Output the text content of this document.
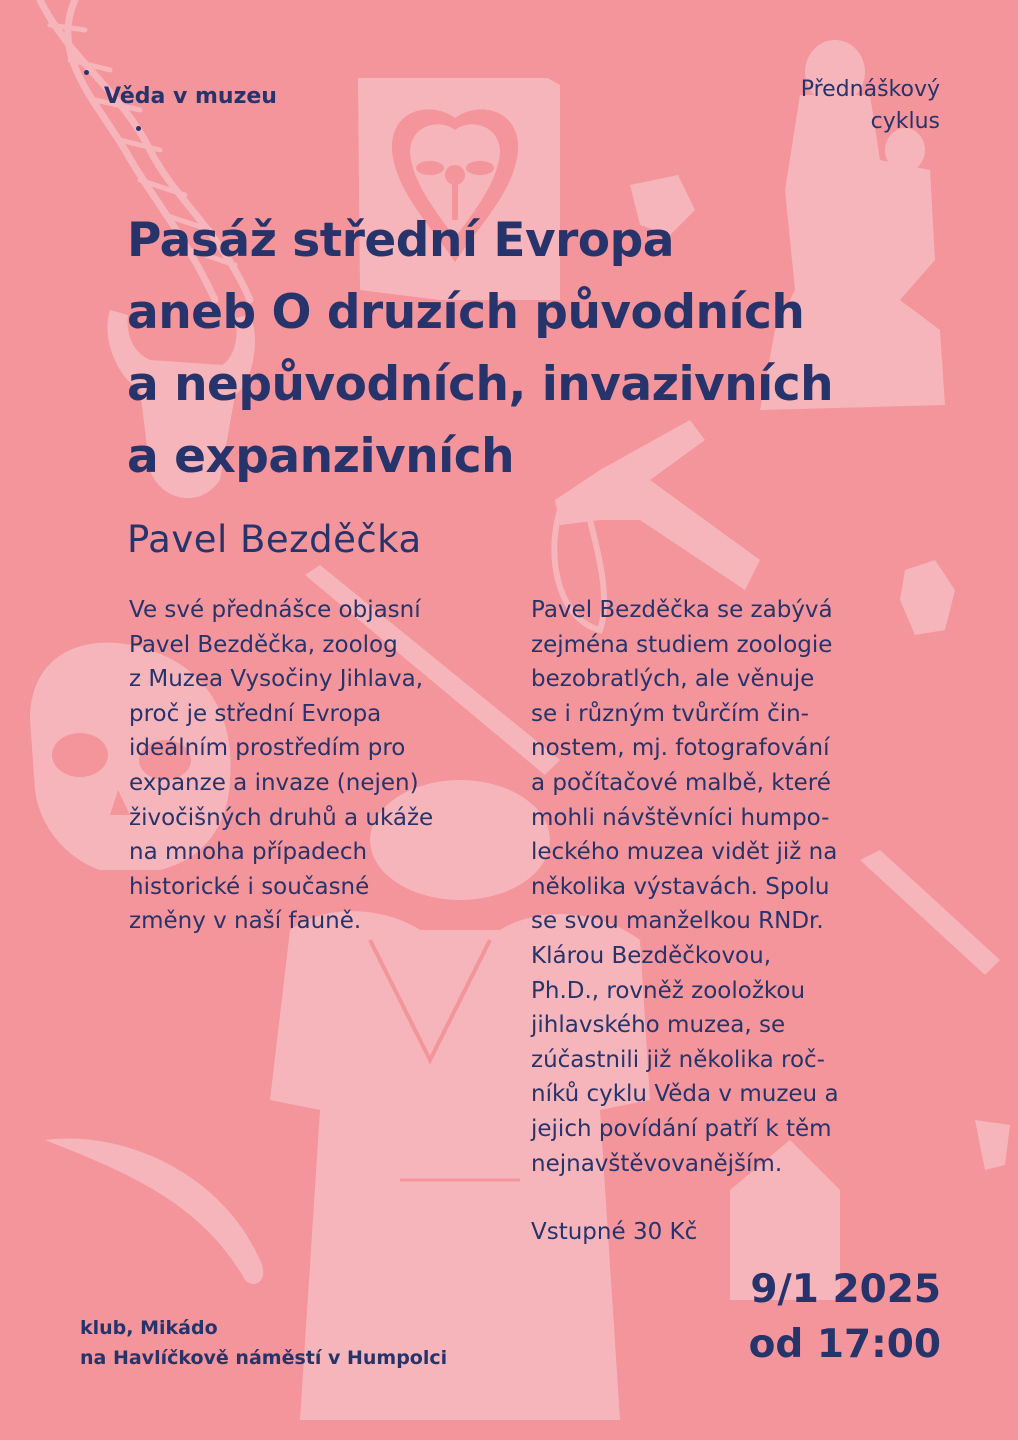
Věda v muzeu	Přednáškový cyklus
Pasáž střední Evropa
aneb O druzích původních
a nepůvodních, invazivních
a expanzivních
Pavel Bezděčka
Ve své přednášce objasní
Pavel Bezděčka, zoolog
z Muzea Vysočiny Jihlava,
proč je střední Evropa
ideálním prostředím pro
expanze a invaze (nejen)
živočišných druhů a ukáže
na mnoha případech
historické i současné
změny v naší fauně.
Pavel Bezděčka se zabývá
zejména studiem zoologie
bezobratlých, ale věnuje
se i různým tvůrčím čin-
nostem, mj. fotografování
a počítačové malbě, které
mohli návštěvníci humpo-
leckého muzea vidět již na
několika výstavách. Spolu
se svou manželkou RNDr.
Klárou Bezděčkovou,
Ph.D., rovněž zooložkou
jihlavského muzea, se
zúčastnili již několika roč-
níků cyklu Věda v muzeu a
jejich povídání patří k těm
nejnavštěvovanějším.
Vstupné 30 Kč
9/1 2025
od 17:00
klub, Mikádo
na Havlíčkově náměstí v Humpolci
